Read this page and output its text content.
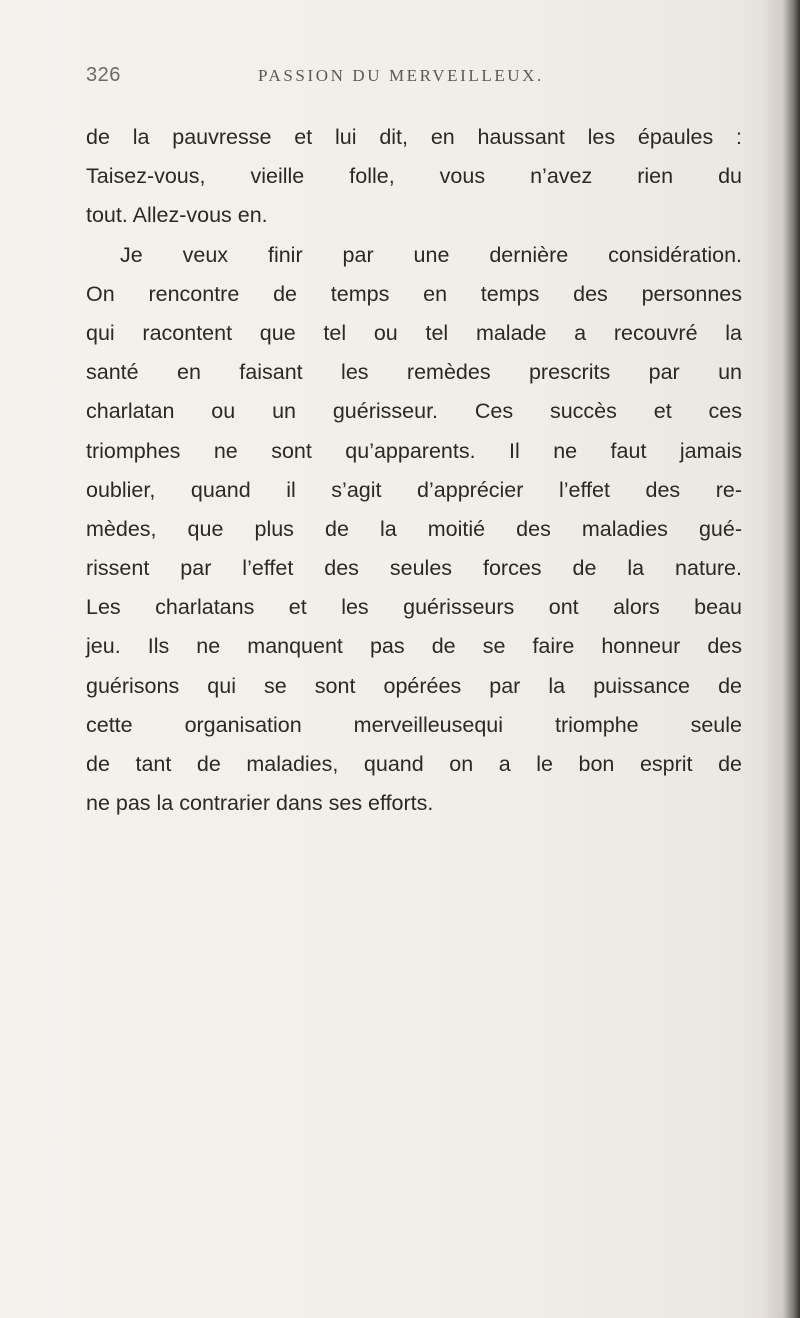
326	PASSION DU MERVEILLEUX.
de la pauvresse et lui dit, en haussant les épaules :
Taisez-vous, vieille folle, vous n’avez rien du
tout. Allez-vous en.
Je veux finir par une dernière considération.
On rencontre de temps en temps des personnes
qui racontent que tel ou tel malade a recouvré la
santé en faisant les remèdes prescrits par un
charlatan ou un guérisseur. Ces succès et ces
triomphes ne sont qu’apparents. Il ne faut jamais
oublier, quand il s’agit d’apprécier l’effet des re-
mèdes, que plus de la moitié des maladies gué-
rissent par l’effet des seules forces de la nature.
Les charlatans et les guérisseurs ont alors beau
jeu. Ils ne manquent pas de se faire honneur des
guérisons qui se sont opérées par la puissance de
cette organisation merveilleusequi triomphe seule
de tant de maladies, quand on a le bon esprit de
ne pas la contrarier dans ses efforts.
